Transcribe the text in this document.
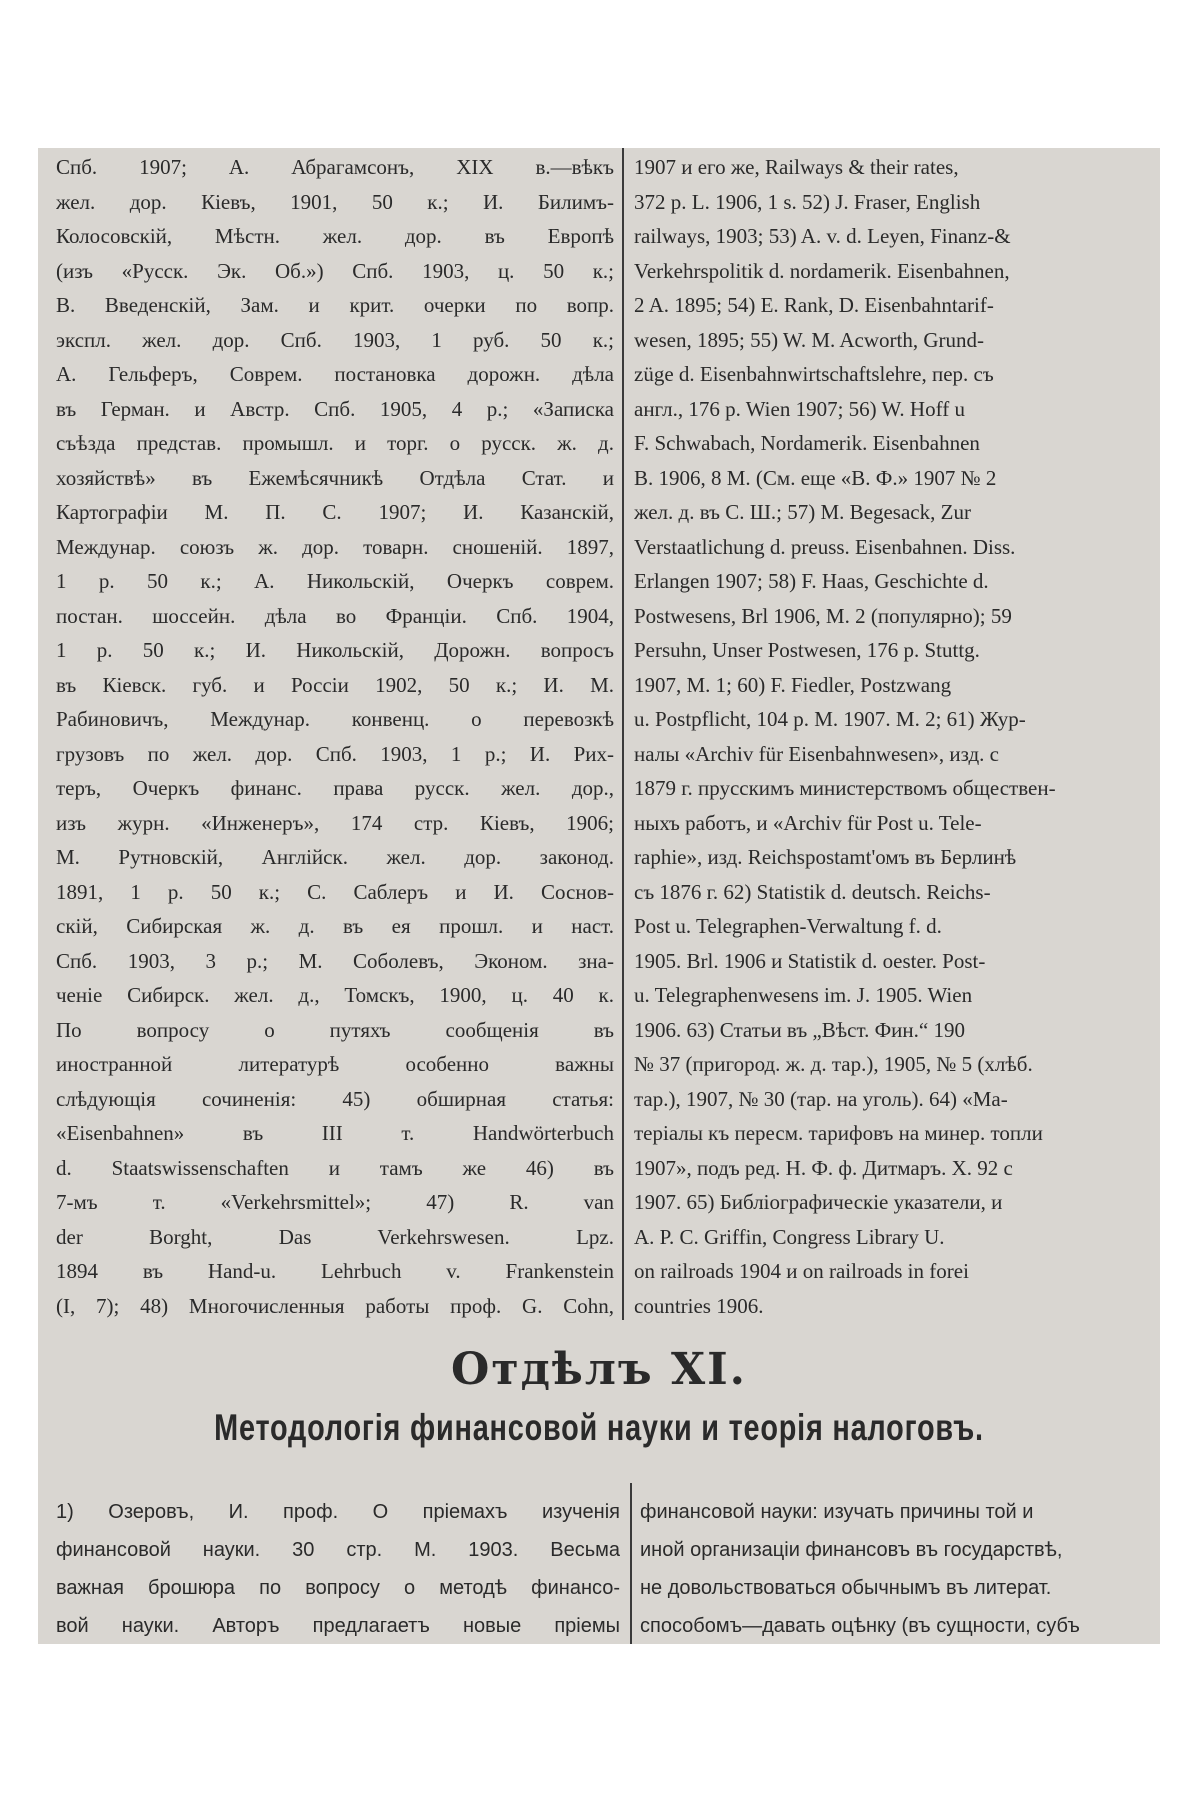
Спб. 1907; А. Абрагамсонъ, XIX в.—вѣкъ
жел. дор. Кіевъ, 1901, 50 к.; И. Билимъ-
Колосовскій, Мѣстн. жел. дор. въ Европѣ
(изъ «Русск. Эк. Об.») Спб. 1903, ц. 50 к.;
В. Введенскій, Зам. и крит. очерки по вопр.
экспл. жел. дор. Спб. 1903, 1 руб. 50 к.;
А. Гельферъ, Соврем. постановка дорожн. дѣла
въ Герман. и Австр. Спб. 1905, 4 р.; «Записка
съѣзда представ. промышл. и торг. о русск. ж. д.
хозяйствѣ» въ Ежемѣсячникѣ Отдѣла Стат. и
Картографіи М. П. С. 1907; И. Казанскій,
Междунар. союзъ ж. дор. товарн. сношеній. 1897,
1 р. 50 к.; А. Никольскій, Очеркъ соврем.
постан. шоссейн. дѣла во Франціи. Спб. 1904,
1 р. 50 к.; И. Никольскій, Дорожн. вопросъ
въ Кіевск. губ. и Россіи 1902, 50 к.; И. М.
Рабиновичъ, Междунар. конвенц. о перевозкѣ
грузовъ по жел. дор. Спб. 1903, 1 р.; И. Рих-
теръ, Очеркъ финанс. права русск. жел. дор.,
изъ журн. «Инженеръ», 174 стр. Кіевъ, 1906;
М. Рутновскій, Англійск. жел. дор. законод.
1891, 1 р. 50 к.; С. Саблеръ и И. Соснов-
скій, Сибирская ж. д. въ ея прошл. и наст.
Спб. 1903, 3 р.; М. Соболевъ, Эконом. зна-
ченіе Сибирск. жел. д., Томскъ, 1900, ц. 40 к.
По вопросу о путяхъ сообщенія въ
иностранной литературѣ особенно важны
слѣдующія сочиненія: 45) обширная статья:
«Eisenbahnen» въ III т. Handwörterbuch
d. Staatswissenschaften и тамъ же 46) въ
7-мъ т. «Verkehrsmittel»; 47) R. van
der Borght, Das Verkehrswesen. Lpz.
1894 въ Hand-u. Lehrbuch v. Frankenstein
(I, 7); 48) Многочисленныя работы проф. G. Cohn,
1907 и его же, Railways & their rates,
372 p. L. 1906, 1 s. 52) J. Fraser, English
railways, 1903; 53) A. v. d. Leyen, Finanz-&
Verkehrspolitik d. nordamerik. Eisenbahnen,
2 A. 1895; 54) E. Rank, D. Eisenbahntarif-
wesen, 1895; 55) W. M. Acworth, Grund-
züge d. Eisenbahnwirtschaftslehre, пер. съ
англ., 176 p. Wien 1907; 56) W. Hoff u
F. Schwabach, Nordamerik. Eisenbahnen
B. 1906, 8 M. (См. еще «В. Ф.» 1907 № 2
жел. д. въ С. Ш.; 57) M. Begesack, Zur
Verstaatlichung d. preuss. Eisenbahnen. Diss.
Erlangen 1907; 58) F. Haas, Geschichte d.
Postwesens, Brl 1906, M. 2 (популярно); 59
Persuhn, Unser Postwesen, 176 p. Stuttg.
1907, M. 1; 60) F. Fiedler, Postzwang
u. Postpflicht, 104 p. M. 1907. M. 2; 61) Жур-
налы «Archiv für Eisenbahnwesen», изд. с
1879 г. прусскимъ министерствомъ обществен-
ныхъ работъ, и «Archiv für Post u. Tele-
raphie», изд. Reichspostamt'омъ въ Берлинѣ
съ 1876 г. 62) Statistik d. deutsch. Reichs-
Post u. Telegraphen-Verwaltung f. d.
1905. Brl. 1906 и Statistik d. oester. Post-
u. Telegraphenwesens im. J. 1905. Wien
1906. 63) Статьи въ „Вѣст. Фин.“ 190
№ 37 (пригород. ж. д. тар.), 1905, № 5 (хлѣб.
тар.), 1907, № 30 (тар. на уголь). 64) «Ма-
теріалы къ пересм. тарифовъ на минер. топли
1907», подъ ред. Н. Ф. ф. Дитмаръ. X. 92 с
1907. 65) Библіографическіе указатели, и
A. P. C. Griffin, Congress Library U.
on railroads 1904 и on railroads in forei
countries 1906.
Отдѣлъ XI.
Методологія финансовой науки и теорія налоговъ.
1) Озеровъ, И. проф. О пріемахъ изученія
финансовой науки. 30 стр. М. 1903. Весьма
важная брошюра по вопросу о методѣ финансо-
вой науки. Авторъ предлагаетъ новые пріемы
финансовой науки: изучать причины той и
иной организаціи финансовъ въ государствѣ,
не довольствоваться обычнымъ въ литерат.
способомъ—давать оцѣнку (въ сущности, субъ
